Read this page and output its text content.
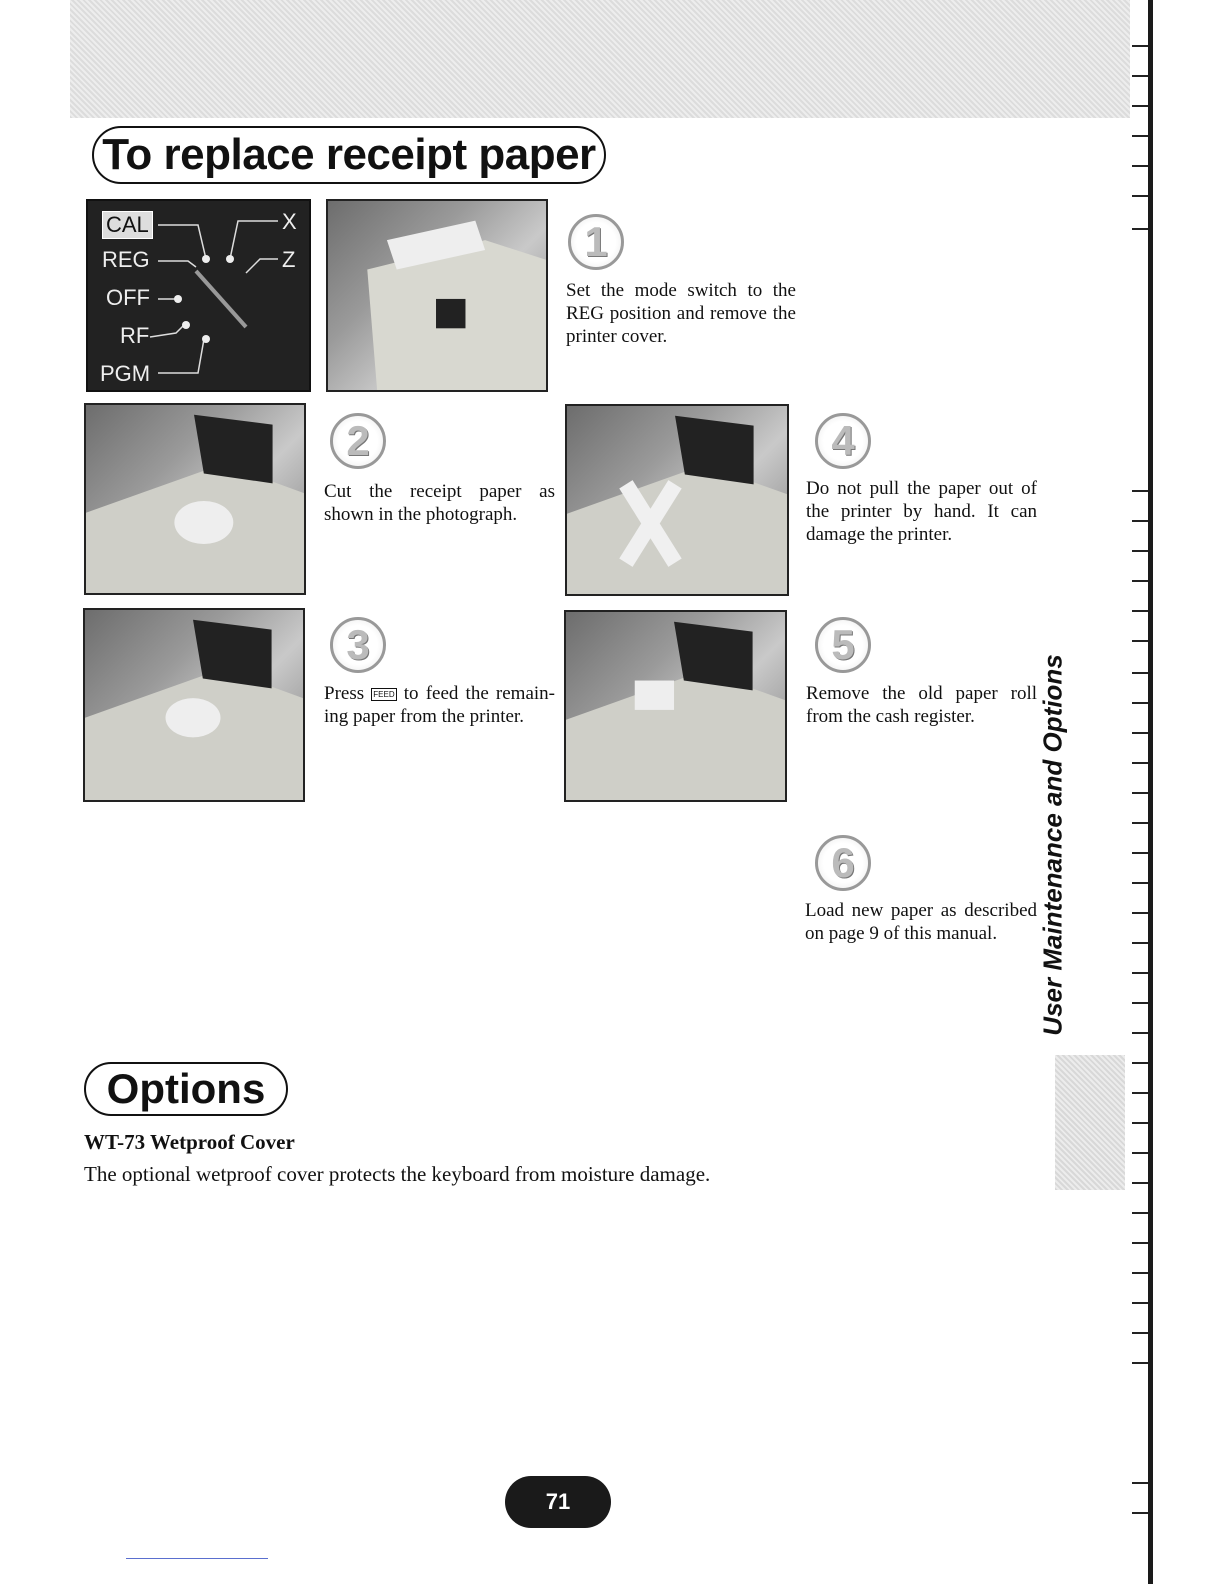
To replace receipt paper
CAL
REG
OFF
RF
PGM
X
Z	1
2
3
4
5
6
Set the mode switch to the REG position and remove the printer cover.
Cut the receipt paper as shown in the photograph.
Press FEED to feed the remain-ing paper from the printer.
Do not pull the paper out of the printer by hand. It can damage the printer.
Remove the old paper roll from the cash register.
Load new paper as described on page 9 of this manual.	User Maintenance and Options
Options
WT-73 Wetproof Cover
The optional wetproof cover protects the keyboard from moisture damage.
71
